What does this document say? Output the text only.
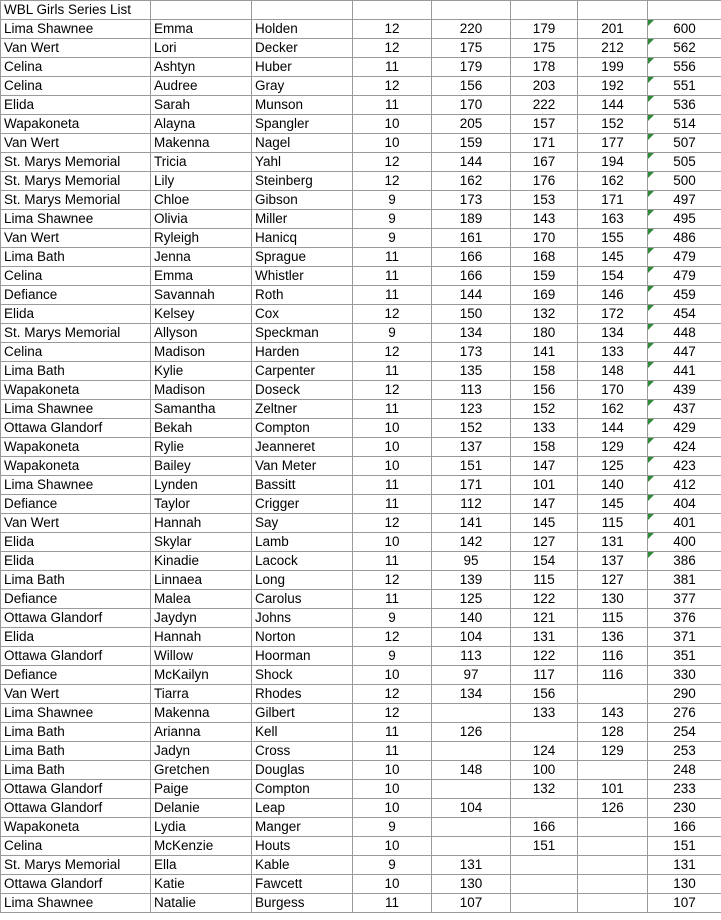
WBL Girls Series List							
Lima Shawnee	Emma	Holden	12	220	179	201	600
Van Wert	Lori	Decker	12	175	175	212	562
Celina	Ashtyn	Huber	11	179	178	199	556
Celina	Audree	Gray	12	156	203	192	551
Elida	Sarah	Munson	11	170	222	144	536
Wapakoneta	Alayna	Spangler	10	205	157	152	514
Van Wert	Makenna	Nagel	10	159	171	177	507
St. Marys Memorial	Tricia	Yahl	12	144	167	194	505
St. Marys Memorial	Lily	Steinberg	12	162	176	162	500
St. Marys Memorial	Chloe	Gibson	9	173	153	171	497
Lima Shawnee	Olivia	Miller	9	189	143	163	495
Van Wert	Ryleigh	Hanicq	9	161	170	155	486
Lima Bath	Jenna	Sprague	11	166	168	145	479
Celina	Emma	Whistler	11	166	159	154	479
Defiance	Savannah	Roth	11	144	169	146	459
Elida	Kelsey	Cox	12	150	132	172	454
St. Marys Memorial	Allyson	Speckman	9	134	180	134	448
Celina	Madison	Harden	12	173	141	133	447
Lima Bath	Kylie	Carpenter	11	135	158	148	441
Wapakoneta	Madison	Doseck	12	113	156	170	439
Lima Shawnee	Samantha	Zeltner	11	123	152	162	437
Ottawa Glandorf	Bekah	Compton	10	152	133	144	429
Wapakoneta	Rylie	Jeanneret	10	137	158	129	424
Wapakoneta	Bailey	Van Meter	10	151	147	125	423
Lima Shawnee	Lynden	Bassitt	11	171	101	140	412
Defiance	Taylor	Crigger	11	112	147	145	404
Van Wert	Hannah	Say	12	141	145	115	401
Elida	Skylar	Lamb	10	142	127	131	400
Elida	Kinadie	Lacock	11	95	154	137	386
Lima Bath	Linnaea	Long	12	139	115	127	381
Defiance	Malea	Carolus	11	125	122	130	377
Ottawa Glandorf	Jaydyn	Johns	9	140	121	115	376
Elida	Hannah	Norton	12	104	131	136	371
Ottawa Glandorf	Willow	Hoorman	9	113	122	116	351
Defiance	McKailyn	Shock	10	97	117	116	330
Van Wert	Tiarra	Rhodes	12	134	156		290
Lima Shawnee	Makenna	Gilbert	12		133	143	276
Lima Bath	Arianna	Kell	11	126		128	254
Lima Bath	Jadyn	Cross	11		124	129	253
Lima Bath	Gretchen	Douglas	10	148	100		248
Ottawa Glandorf	Paige	Compton	10		132	101	233
Ottawa Glandorf	Delanie	Leap	10	104		126	230
Wapakoneta	Lydia	Manger	9		166		166
Celina	McKenzie	Houts	10		151		151
St. Marys Memorial	Ella	Kable	9	131			131
Ottawa Glandorf	Katie	Fawcett	10	130			130
Lima Shawnee	Natalie	Burgess	11	107			107
